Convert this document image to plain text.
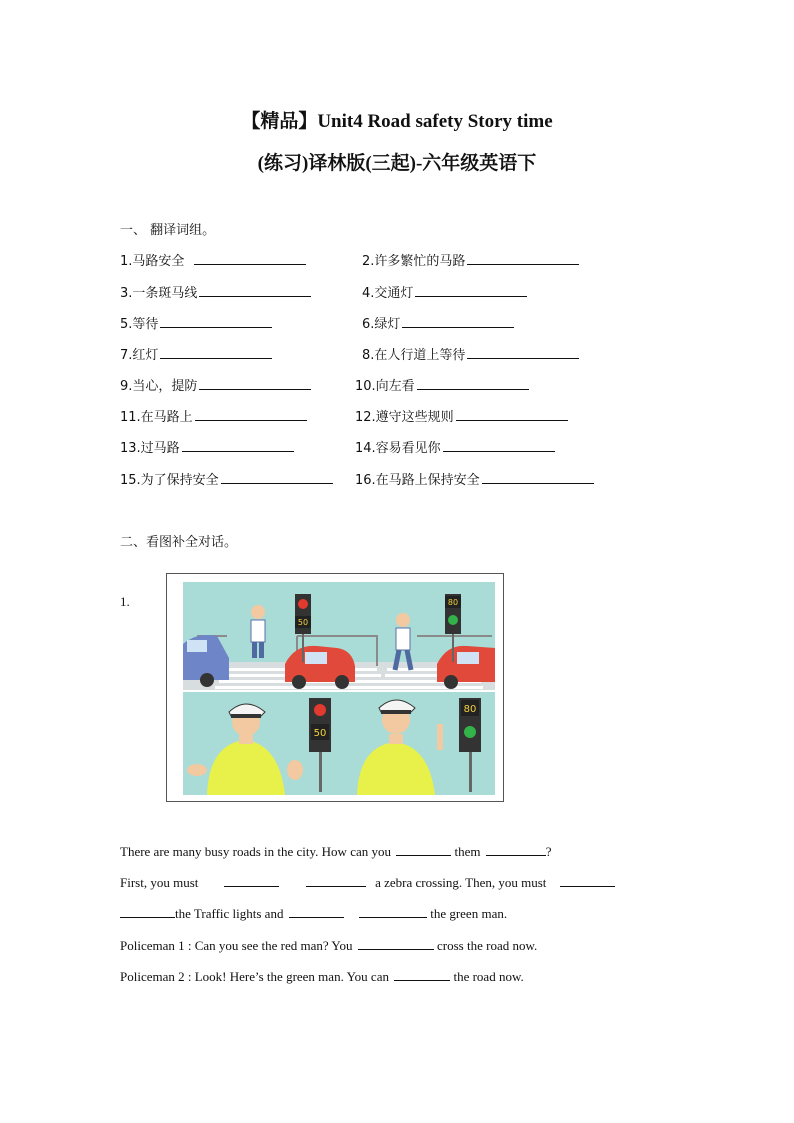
【精品】Unit4 Road safety Story time
(练习)译林版(三起)-六年级英语下
一、 翻译词组。
1.马路安全	2.许多繁忙的马路
3.一条斑马线	4.交通灯
5.等待	6.绿灯
7.红灯	8.在人行道上等待
9.当心，提防	10.向左看
11.在马路上	12.遵守这些规则
13.过马路	14.容易看见你
15.为了保持安全	16.在马路上保持安全
二、看图补全对话。
1.
50
80
50
80
There are many busy roads in the city. How can you	them	?
First, you must	a zebra crossing. Then, you must
the Traffic lights and	the green man.
Policeman 1 : Can you see the red man? You	cross the road now.
Policeman 2 : Look! Here’s the green man. You can	the road now.
